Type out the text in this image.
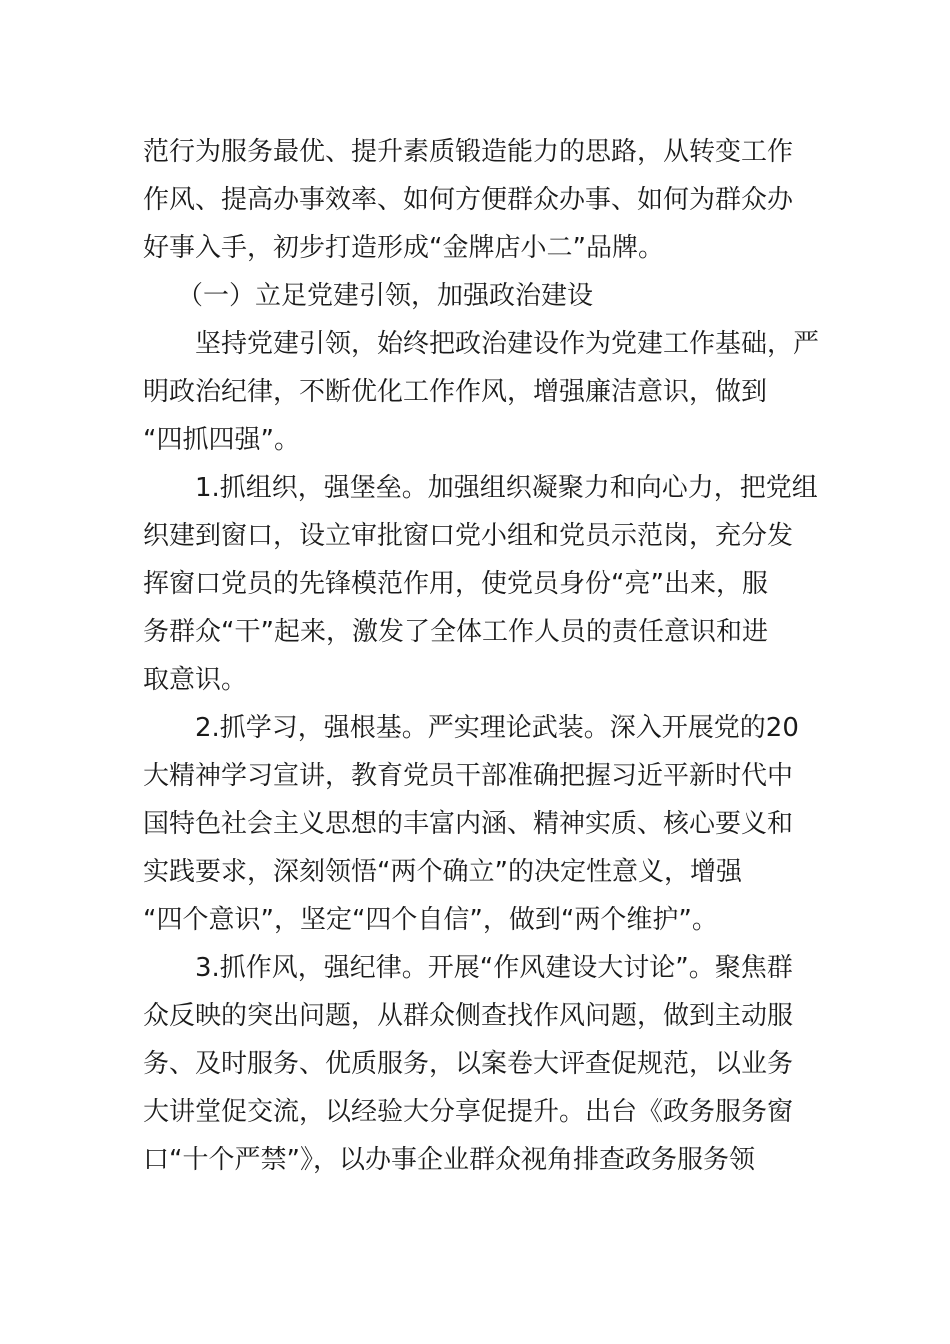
范行为服务最优、提升素质锻造能力的思路，从转变工作
作风、提高办事效率、如何方便群众办事、如何为群众办
好事入手，初步打造形成“金牌店小二”品牌。
（一）立足党建引领，加强政治建设
坚持党建引领，始终把政治建设作为党建工作基础，严
明政治纪律，不断优化工作作风，增强廉洁意识，做到
“四抓四强”。
1.抓组织，强堡垒。加强组织凝聚力和向心力，把党组
织建到窗口，设立审批窗口党小组和党员示范岗，充分发
挥窗口党员的先锋模范作用，使党员身份“亮”出来，服
务群众“干”起来，激发了全体工作人员的责任意识和进
取意识。
2.抓学习，强根基。严实理论武装。深入开展党的20
大精神学习宣讲，教育党员干部准确把握习近平新时代中
国特色社会主义思想的丰富内涵、精神实质、核心要义和
实践要求，深刻领悟“两个确立”的决定性意义，增强
“四个意识”，坚定“四个自信”，做到“两个维护”。
3.抓作风，强纪律。开展“作风建设大讨论”。聚焦群
众反映的突出问题，从群众侧查找作风问题，做到主动服
务、及时服务、优质服务，以案卷大评查促规范，以业务
大讲堂促交流，以经验大分享促提升。出台《政务服务窗
口“十个严禁”》，以办事企业群众视角排查政务服务领
